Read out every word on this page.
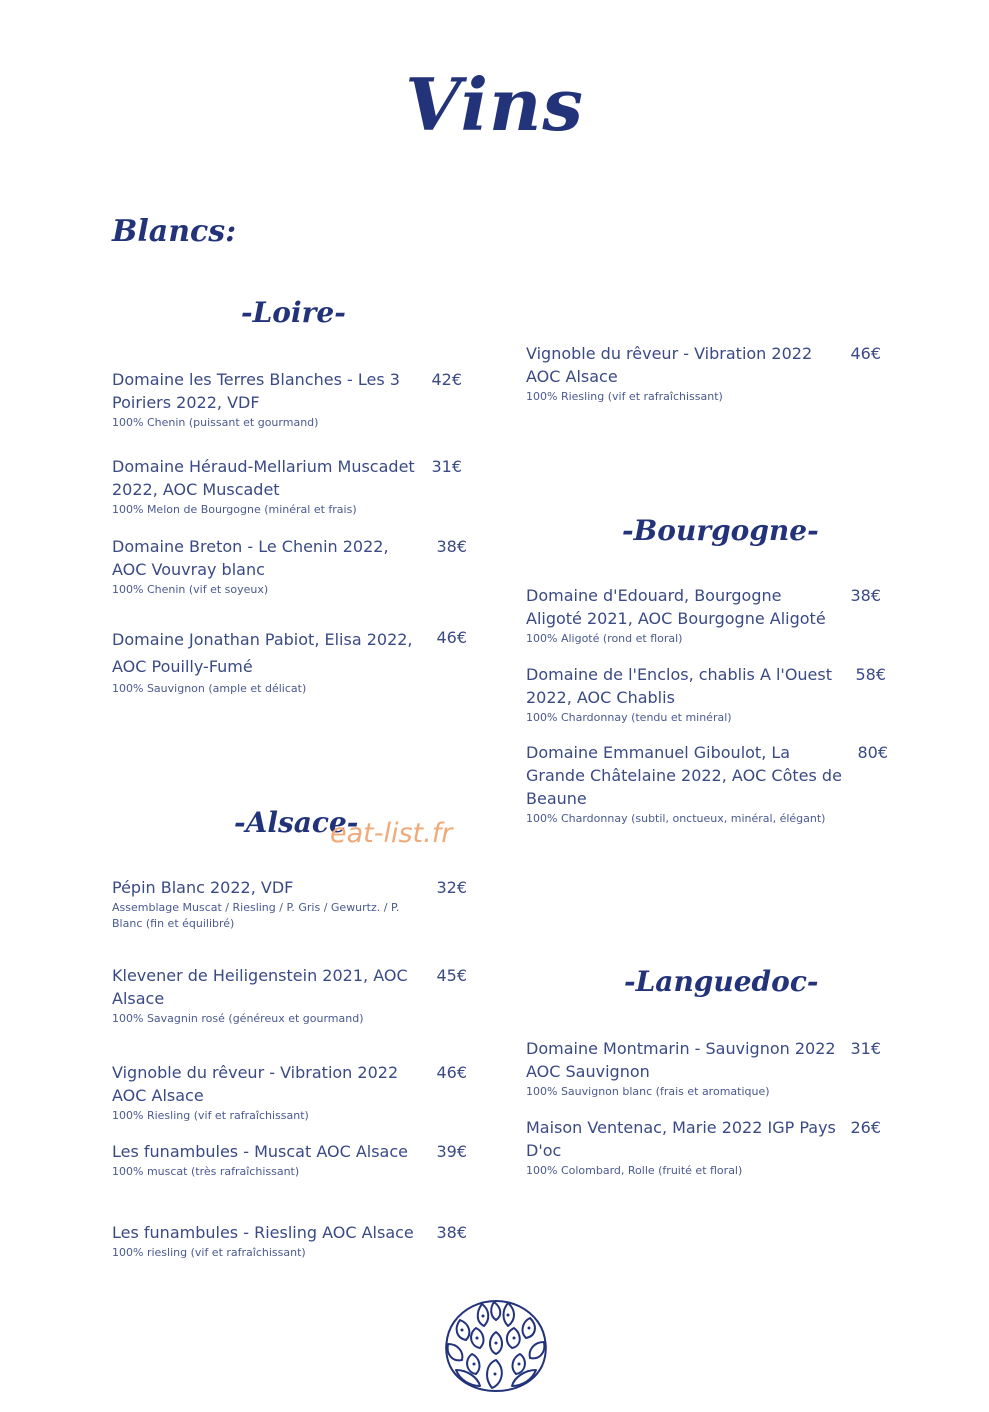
Vins
Blancs:
-Loire-
-Alsace-
-Bourgogne-
-Languedoc-
eat-list.fr
Domaine les Terres Blanches - Les 3 Poiriers 2022, VDF
42€
100% Chenin (puissant et gourmand)
Domaine Héraud-Mellarium Muscadet 2022, AOC Muscadet
31€
100% Melon de Bourgogne (minéral et frais)
Domaine Breton - Le Chenin 2022, AOC Vouvray blanc
38€
100% Chenin (vif et soyeux)
Domaine Jonathan Pabiot, Elisa 2022, AOC Pouilly-Fumé
46€
100% Sauvignon (ample et délicat)
Pépin Blanc 2022, VDF	32€
Assemblage Muscat / Riesling / P. Gris / Gewurtz. / P. Blanc (fin et équilibré)
Klevener de Heiligenstein 2021, AOC Alsace
45€
100% Savagnin rosé (généreux et gourmand)
Vignoble du rêveur - Vibration 2022 AOC Alsace
46€
100% Riesling (vif et rafraîchissant)
Les funambules - Muscat AOC Alsace 39€
100% muscat (très rafraîchissant)
Les funambules - Riesling AOC Alsace 38€
100% riesling (vif et rafraîchissant)
Vignoble du rêveur - Vibration 2022 AOC Alsace
46€
100% Riesling (vif et rafraîchissant)
Domaine d'Edouard, Bourgogne Aligoté 2021, AOC Bourgogne Aligoté
38€
100% Aligoté (rond et floral)
Domaine de l'Enclos, chablis A l'Ouest 2022, AOC Chablis
58€
100% Chardonnay (tendu et minéral)
Domaine Emmanuel Giboulot, La Grande Châtelaine 2022, AOC Côtes de Beaune
80€
100% Chardonnay (subtil, onctueux, minéral, élégant)
Domaine Montmarin - Sauvignon 2022 AOC Sauvignon
31€
100% Sauvignon blanc (frais et aromatique)
Maison Ventenac, Marie 2022 IGP Pays D'oc
26€
100% Colombard, Rolle (fruité et floral)
